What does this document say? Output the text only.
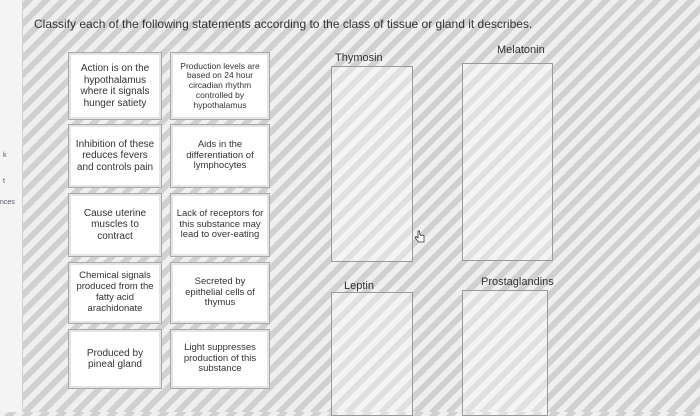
k
t
nces
Classify each of the following statements according to the class of tissue or gland it describes.
Action is on the hypothalamus where it signals hunger satiety
Production levels are based on 24 hour circadian rhythm controlled by hypothalamus
Inhibition of these reduces fevers and controls pain
Aids in the differentiation of lymphocytes
Cause uterine muscles to contract
Lack of receptors for this substance may lead to over-eating
Chemical signals produced from the fatty acid arachidonate
Secreted by epithelial cells of thymus
Produced by pineal gland
Light suppresses production of this substance
Thymosin
Melatonin
Leptin	Prostaglandins
